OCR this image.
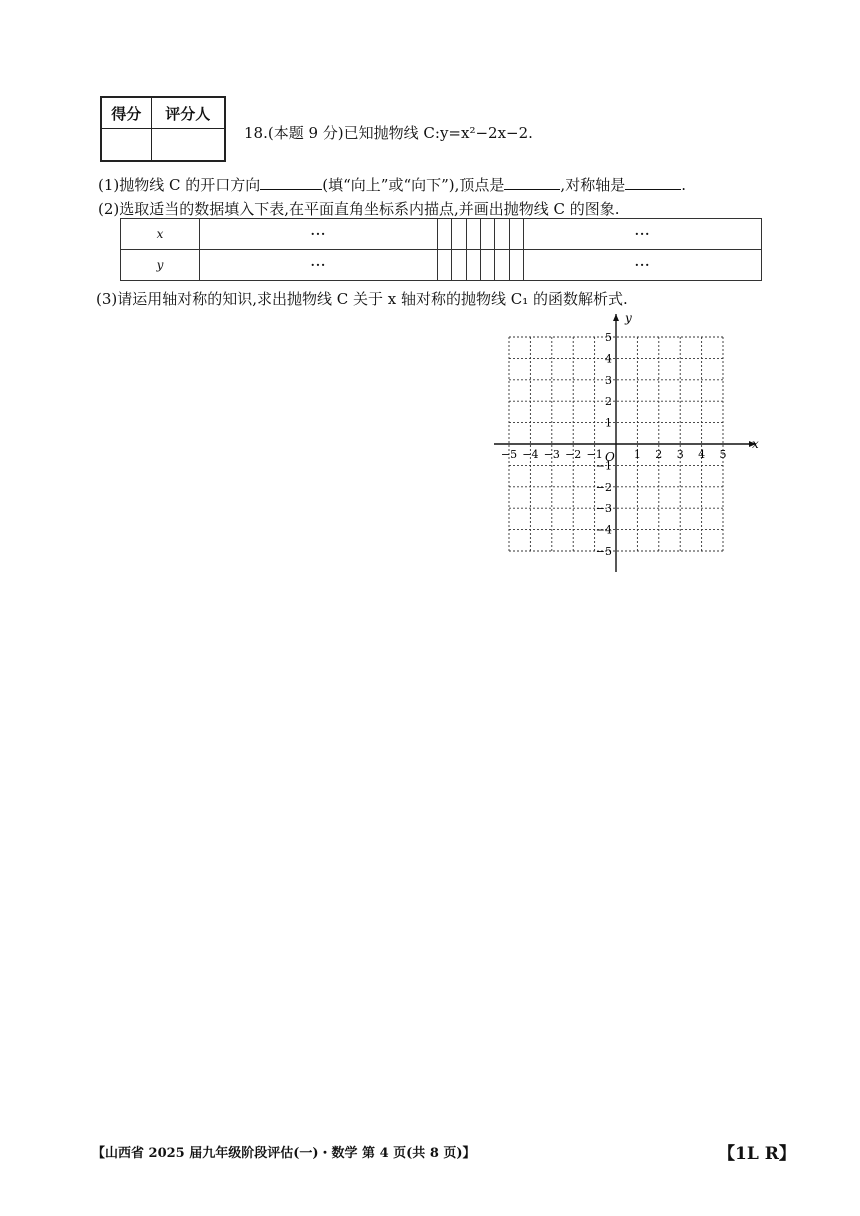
得分	评分人

18.(本题 9 分)已知抛物线 C:y=x²−2x−2.
(1)抛物线 C 的开口方向	(填“向上”或“向下”),顶点是	,对称轴是	.
(2)选取适当的数据填入下表,在平面直角坐标系内描点,并画出抛物线 C 的图象.
x	···							···
y	···							···
(3)请运用轴对称的知识,求出抛物线 C 关于 x 轴对称的抛物线 C₁ 的函数解析式.
−5 −4 −3 −2 −1	1 2 3 4 5
5
4
3
2
1
−1
−2
−3
−4
−5
x
y
O
【山西省 2025 届九年级阶段评估(一)・数学 第 4 页(共 8 页)】	【1L R】
